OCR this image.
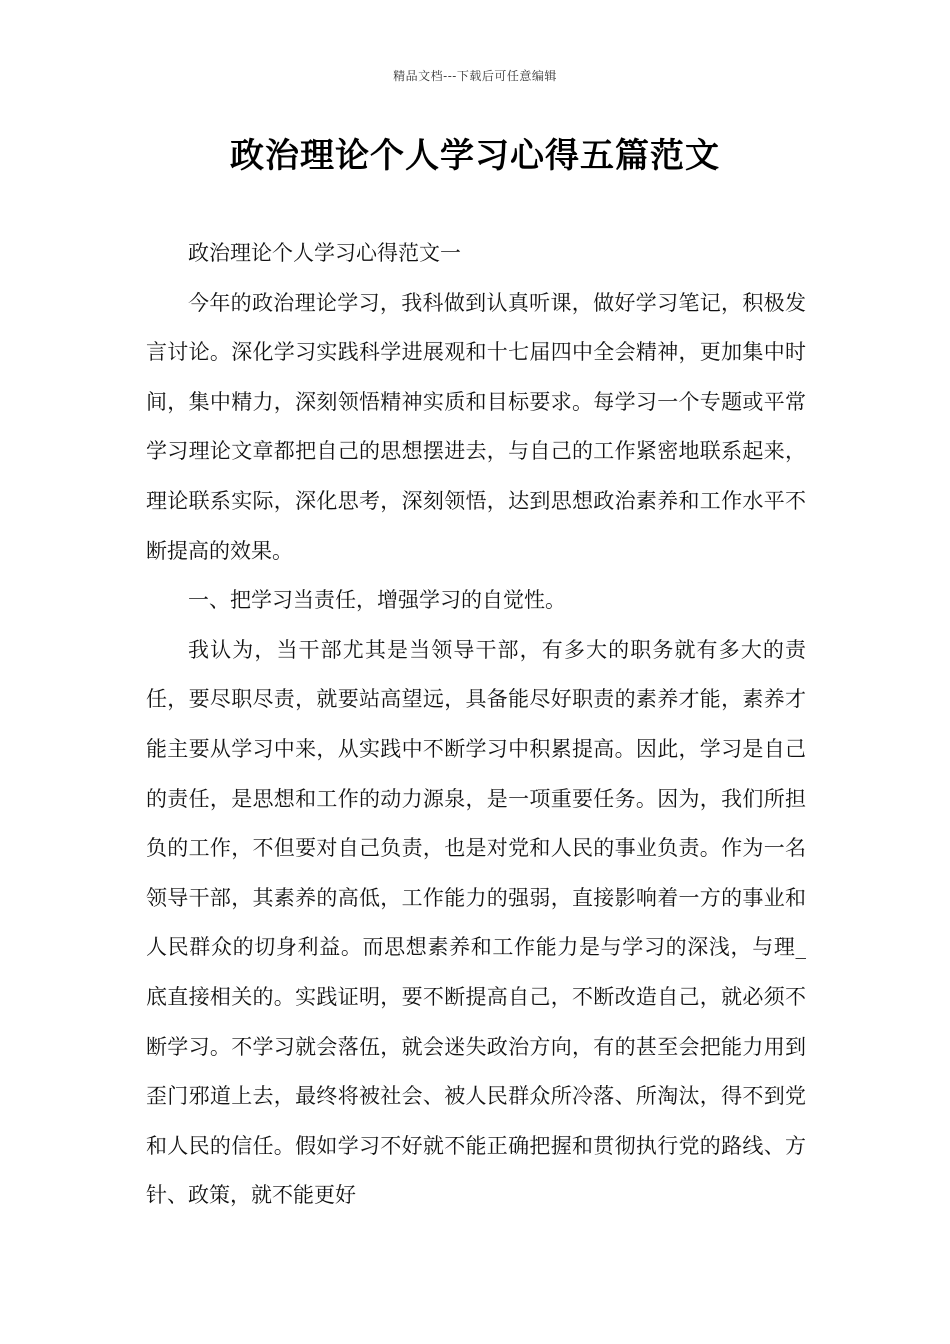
精品文档---下载后可任意编辑
政治理论个人学习心得五篇范文

政治理论个人学习心得范文一

今年的政治理论学习，我科做到认真听课，做好学习笔记，积极发言讨论。深化学习实践科学进展观和十七届四中全会精神，更加集中时间，集中精力，深刻领悟精神实质和目标要求。每学习一个专题或平常学习理论文章都把自己的思想摆进去，与自己的工作紧密地联系起来，理论联系实际，深化思考，深刻领悟，达到思想政治素养和工作水平不断提高的效果。

一、把学习当责任，增强学习的自觉性。

我认为，当干部尤其是当领导干部，有多大的职务就有多大的责任，要尽职尽责，就要站高望远，具备能尽好职责的素养才能，素养才能主要从学习中来，从实践中不断学习中积累提高。因此，学习是自己的责任，是思想和工作的动力源泉，是一项重要任务。因为，我们所担负的工作，不但要对自己负责，也是对党和人民的事业负责。作为一名领导干部，其素养的高低，工作能力的强弱，直接影响着一方的事业和人民群众的切身利益。而思想素养和工作能力是与学习的深浅，与理_底直接相关的。实践证明，要不断提高自己，不断改造自己，就必须不断学习。不学习就会落伍，就会迷失政治方向，有的甚至会把能力用到歪门邪道上去，最终将被社会、被人民群众所冷落、所淘汰，得不到党和人民的信任。假如学习不好就不能正确把握和贯彻执行党的路线、方针、政策，就不能更好
